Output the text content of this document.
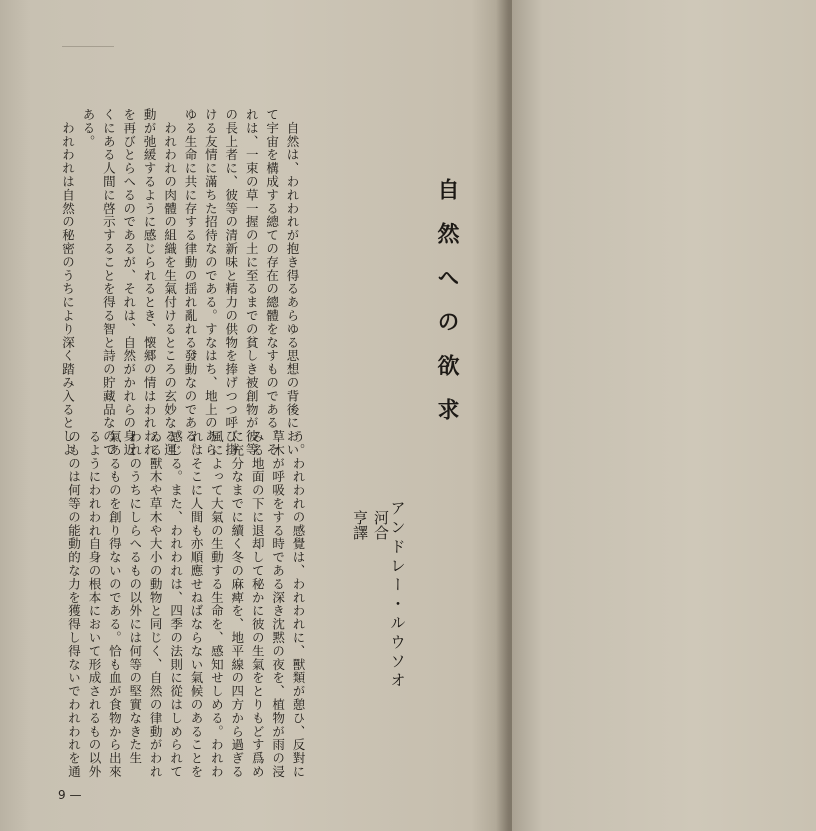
自然への欲求
アンドレー・ルウソオ
河合
亨譯
　自然は、われわれが抱き得るあらゆる思想の背後におい
て宇宙を構成する總ての存在の總體をなすものである。そ
れは、一束の草一握の土に至るまでの貧しき被創物が彼等
の長上者に、彼等の清新味と精力の供物を捧げつつ呼び掛
ける友情に滿ちた招待なのである。すなはち、地上のあら
ゆる生命に共に存する律動の揺れ亂れる發動なのである。
　われわれの肉體の組織を生氣付けるところの玄妙なる運
動が弛緩するように感じられるとき、懐郷の情はわれわれ
を再びとらへるのであるが、それは、自然がかれらの身近
くにある人間に啓示することを得る智と詩の貯藏品なので
ある。
　われわれは自然の秘密のうちにより深く踏み入るとしよ
う。われわれの感覺は、われわれに、獸類が憩ひ、反對に
草木が呼吸をする時である深き沈黙の夜を、植物が雨の浸
みる地面の下に退却して秘かに彼の生氣をとりもどす爲め
に充分なまでに續く冬の麻痺を、地平線の四方から過ぎる
風によって大氣の生動する生命を、感知せしめる。われわ
れはそこに人間も亦順應せねばならない氣候のあることを
感じる。また、われわれは、四季の法則に從はしめられて
ゐる獸木や草木や大小の動物と同じく、自然の律動がわれ
われのうちにしらへるもの以外には何等の堅實なきた生
氣あるものを創り得ないのである。恰も血が食物から出來
るようにわれわれ自身の根本において形成されるもの以外
のものは何等の能動的な力を獲得し得ないでわれわれを通
9 —
